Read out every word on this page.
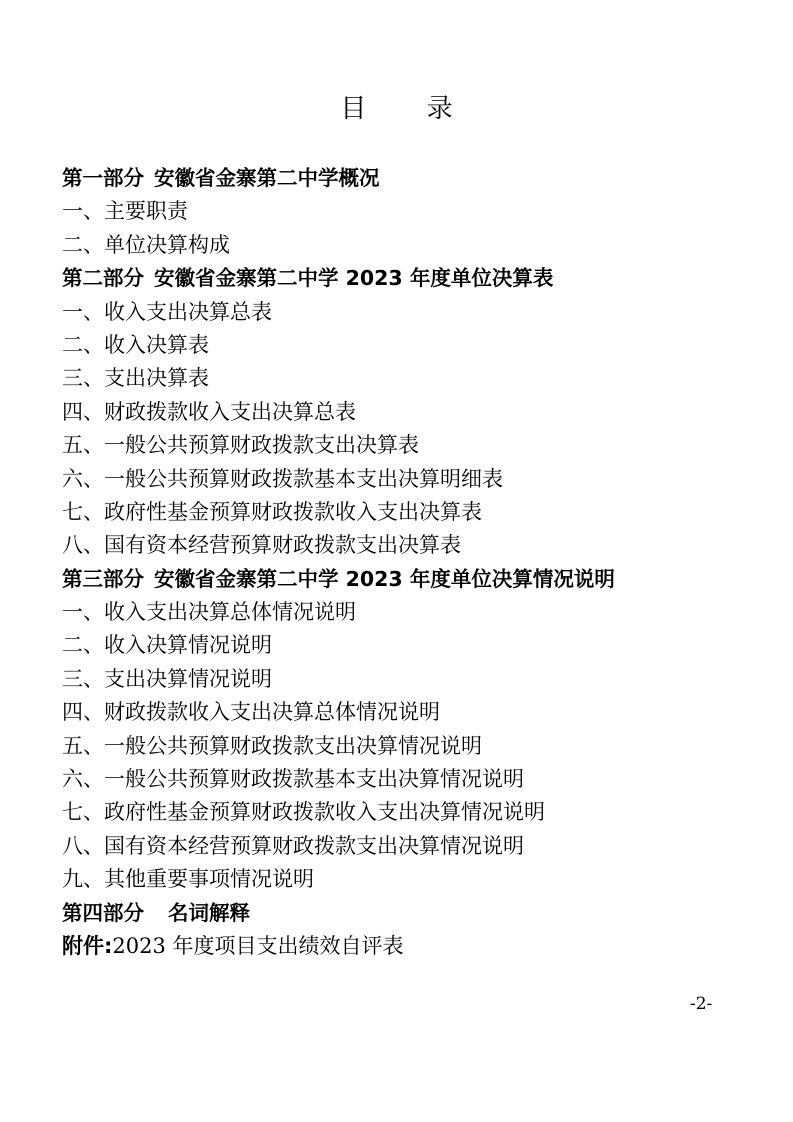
目 录
第一部分 安徽省金寨第二中学概况
一、主要职责
二、单位决算构成
第二部分 安徽省金寨第二中学 2023 年度单位决算表
一、收入支出决算总表
二、收入决算表
三、支出决算表
四、财政拨款收入支出决算总表
五、一般公共预算财政拨款支出决算表
六、一般公共预算财政拨款基本支出决算明细表
七、政府性基金预算财政拨款收入支出决算表
八、国有资本经营预算财政拨款支出决算表
第三部分 安徽省金寨第二中学 2023 年度单位决算情况说明
一、收入支出决算总体情况说明
二、收入决算情况说明
三、支出决算情况说明
四、财政拨款收入支出决算总体情况说明
五、一般公共预算财政拨款支出决算情况说明
六、一般公共预算财政拨款基本支出决算情况说明
七、政府性基金预算财政拨款收入支出决算情况说明
八、国有资本经营预算财政拨款支出决算情况说明
九、其他重要事项情况说明
第四部分 名词解释
附件:2023 年度项目支出绩效自评表
-2-
